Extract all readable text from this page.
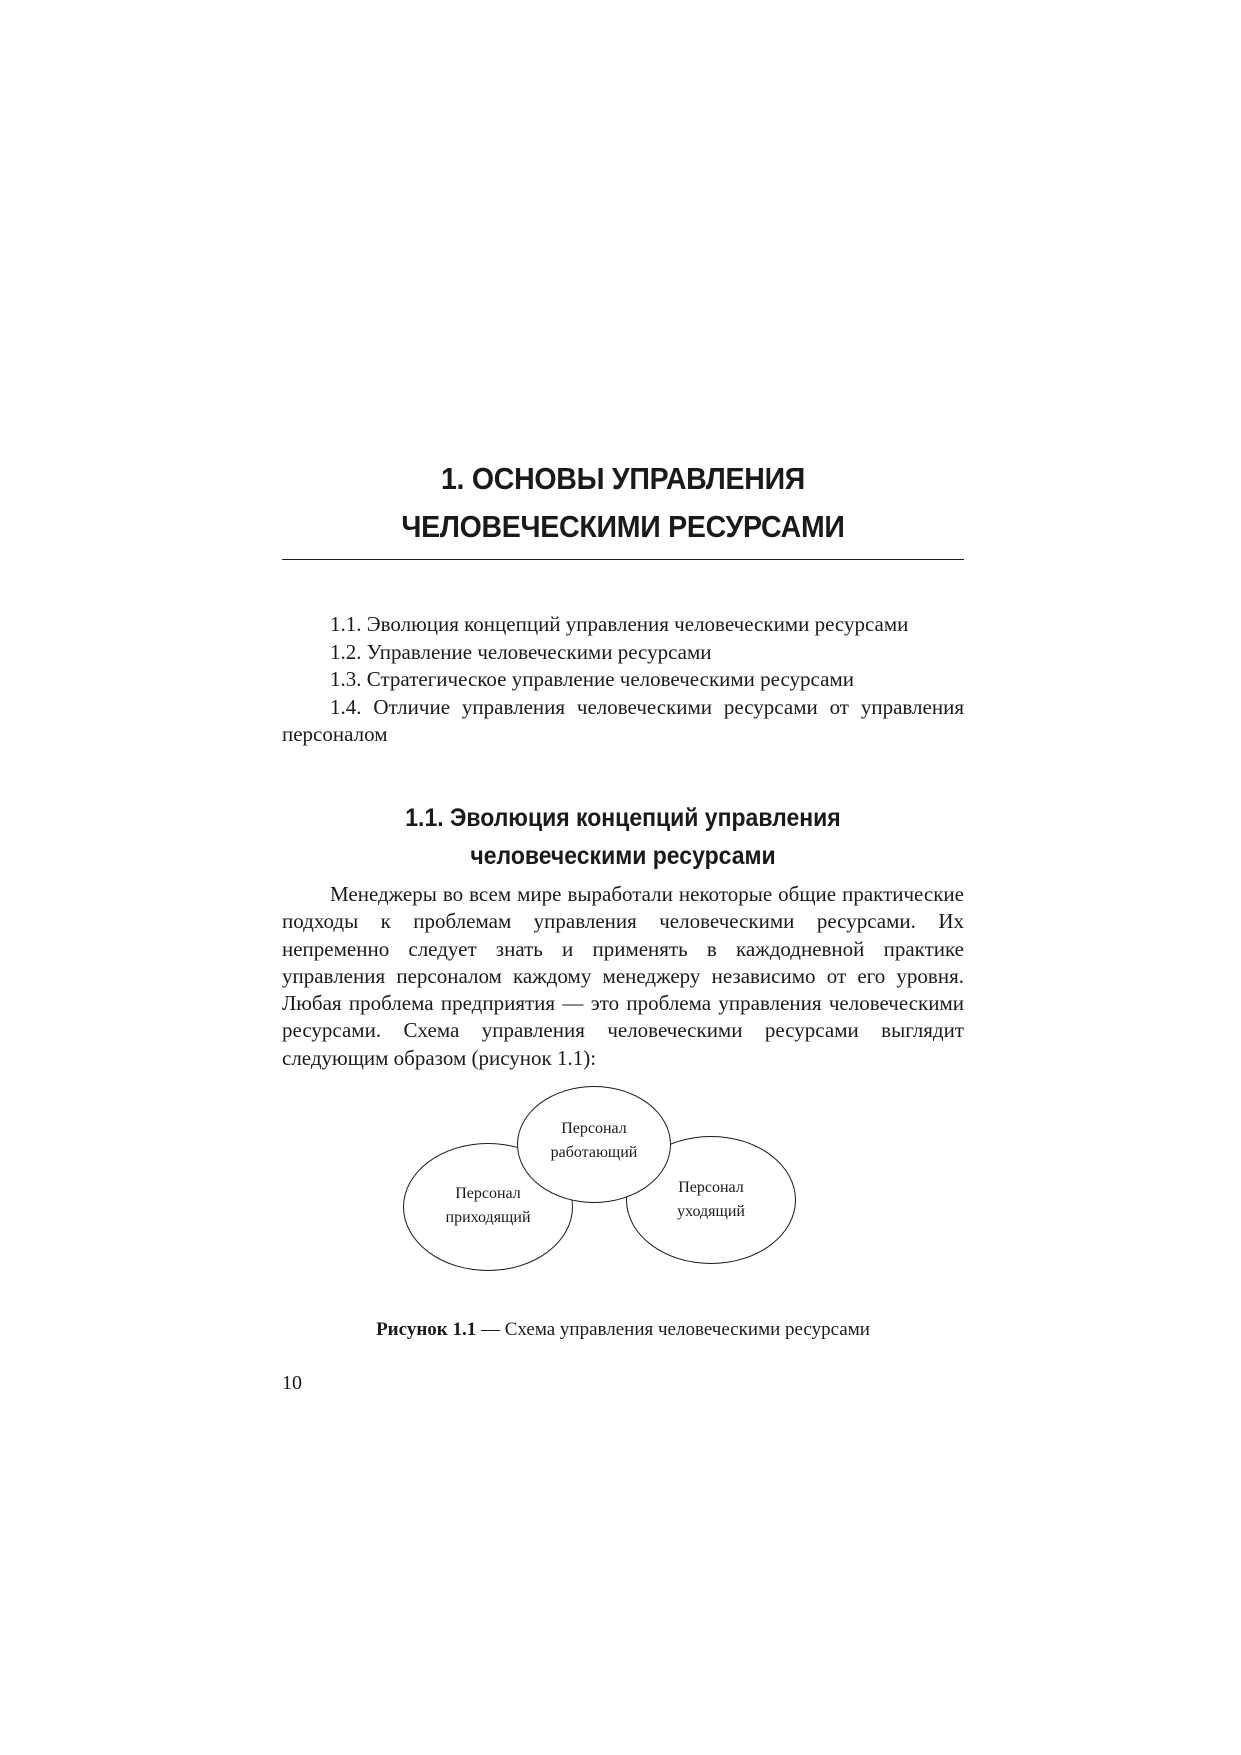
1. ОСНОВЫ УПРАВЛЕНИЯ
ЧЕЛОВЕЧЕСКИМИ РЕСУРСАМИ

1.1. Эволюция концепций управления человеческими ресурсами

1.2. Управление человеческими ресурсами

1.3. Стратегическое управление человеческими ресурсами

1.4. Отличие управления человеческими ресурсами от управления персоналом

1.1. Эволюция концепций управления
человеческими ресурсами

Менеджеры во всем мире выработали некоторые общие практические подходы к проблемам управления человеческими ресурсами. Их непременно следует знать и применять в каждодневной практике управления персоналом каждому менеджеру независимо от его уровня. Любая проблема предприятия — это проблема управления человеческими ресурсами. Схема управления человеческими ресурсами выглядит следующим образом (рисунок 1.1):

Персонал
работающий
Персонал
приходящий
Персонал
уходящий

Рисунок 1.1 — Схема управления человеческими ресурсами

10
